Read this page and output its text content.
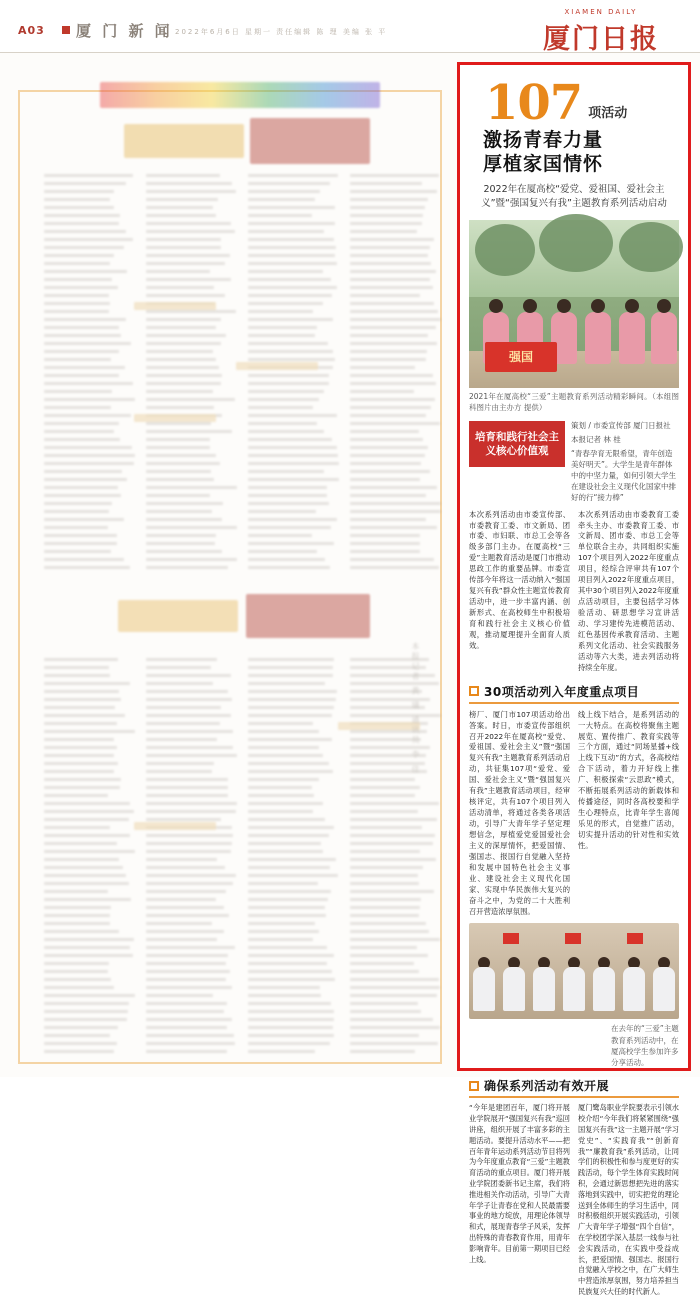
A03 厦 门 新 闻 2022年6月6日 星期一 责任编辑 陈 理 美编 张 平
XIAMEN DAILY
厦门日报
本报记者 黄 璜 通讯员 李 佳
107 项活动
激扬青春力量
厚植家国情怀
2022年在厦高校“爱党、爱祖国、爱社会主义”暨“强国复兴有我”主题教育系列活动启动
强国
2021年在厦高校“三爱”主题教育系列活动精彩瞬间。（本组图科图片由主办方 提供）
培育和践行社会主义核心价值观
策划 / 市委宣传部 厦门日报社
本报记者 林 桂
“青春孕育无限希望，青年创造美好明天”。大学生是青年群体中的中坚力量，如何引领大学生在建设社会主义现代化国家中排好的行“接力棒”
本次系列活动由市委宣传部、市委教育工委、市文新局、团市委、市妇联、市总工会等各级多部门主办。在厦高校“三爱”主题教育活动是厦门市推动思政工作的重要品牌。市委宣传部今年将这一活动纳入“强国复兴有我”群众性主题宣传教育活动中，进一步丰富内涵、创新形式、在高校师生中积极培育和践行社会主义核心价值观，推动厦理提升全面育人质效。
本次系列活动由市委教育工委牵头主办、市委教育工委、市文新局、团市委、市总工会等单位联合主办，共同组织实施107个项目列入2022年度重点项目，经综合评审共有107个项目列入2022年度重点项目，其中30个项目列入2022年度重点活动项目，主要包括学习体验活动、研思想学习宣讲活动、学习建传先进模范活动、红色基因传承教育活动、主题系列文化活动、社会实践服务活动等六大类，进去列活动将持续全年度。
30项活动列入年度重点项目
榜厂、厦门市107项活动给出答案。时日，市委宣传部组织召开2022年在厦高校“爱党、爱祖国、爱社会主义”暨“强国复兴有我”主题教育系列活动启动，共征集107项“爱党、爱国、爱社会主义”暨“强国复兴有我”主题教育活动项目，经审核评定，共有107个项目列入活动清单，将通过各类各项活动，引导广大青年学子坚定理想信念，厚植爱党爱国爱社会主义的深厚情怀，把爱国情、强国志、报国行自觉融入坚持和发展中国特色社会主义事业、建设社会主义现代化国家、实现中华民族伟大复兴的奋斗之中，为党的二十大胜利召开营造浓厚氛围。
线上线下结合，是系列活动的一大特点。在高校将聚焦主题展览、置传推广、教育实践等三个方面，通过“同场星播+线上线下互动”的方式，各高校结合下活动，着力开好线上推广、积极探索“云思政”模式，不断拓展系列活动的新载体和传播途径，同时各高校要和学生心理特点，比青年学生喜闻乐见的形式，自觉推广活动，切实提升活动的针对性和实效性。
在去年的“三爱”主题教育系列活动中，在厦高校学生参加许多分享活动。
确保系列活动有效开展
“今年是建团百年，厦门将开展业学院展开“强国复兴有我”巡回讲座，组织开展了丰富多彩的主题活动。要提升活动水平——把百年青年运动系列活动节目将列为今年度重点教育“三爱”主题教育活动的重点项目。厦门将开展业学院团委新书记主席，我们将推进相关作动活动，引导广大青年学子让青春在党和人民最需要事业的地方绽放，用理论体领导和式，展现青春学子风采，发挥出特殊的青春教育作用，用青年影响青年。目前第一期项目已经上线。
厦门鹭岛职业学院要表示引领水校介绍“今年我们将紧紧围绕“强国复兴有我”这一主题开展“学习党史”、“实践育我”“创新育我”“廉教育我”系列活动，让同学们的积极性和参与度更好的实践活动，每个学生体育实践时间积，会通过新思想把先进的落实落地到实践中，切实把党的理论送到全体师生的学习生活中，同时积极组织开展实践活动，引领广大青年学子增强“四个自信”，在学校团学深入基层一线参与社会实践活动，在实践中受益成长，把爱国情、强国志、报国行自觉融入学校之中，在广大师生中营造浓厚氛围，努力培养担当民族复兴大任的时代新人。
